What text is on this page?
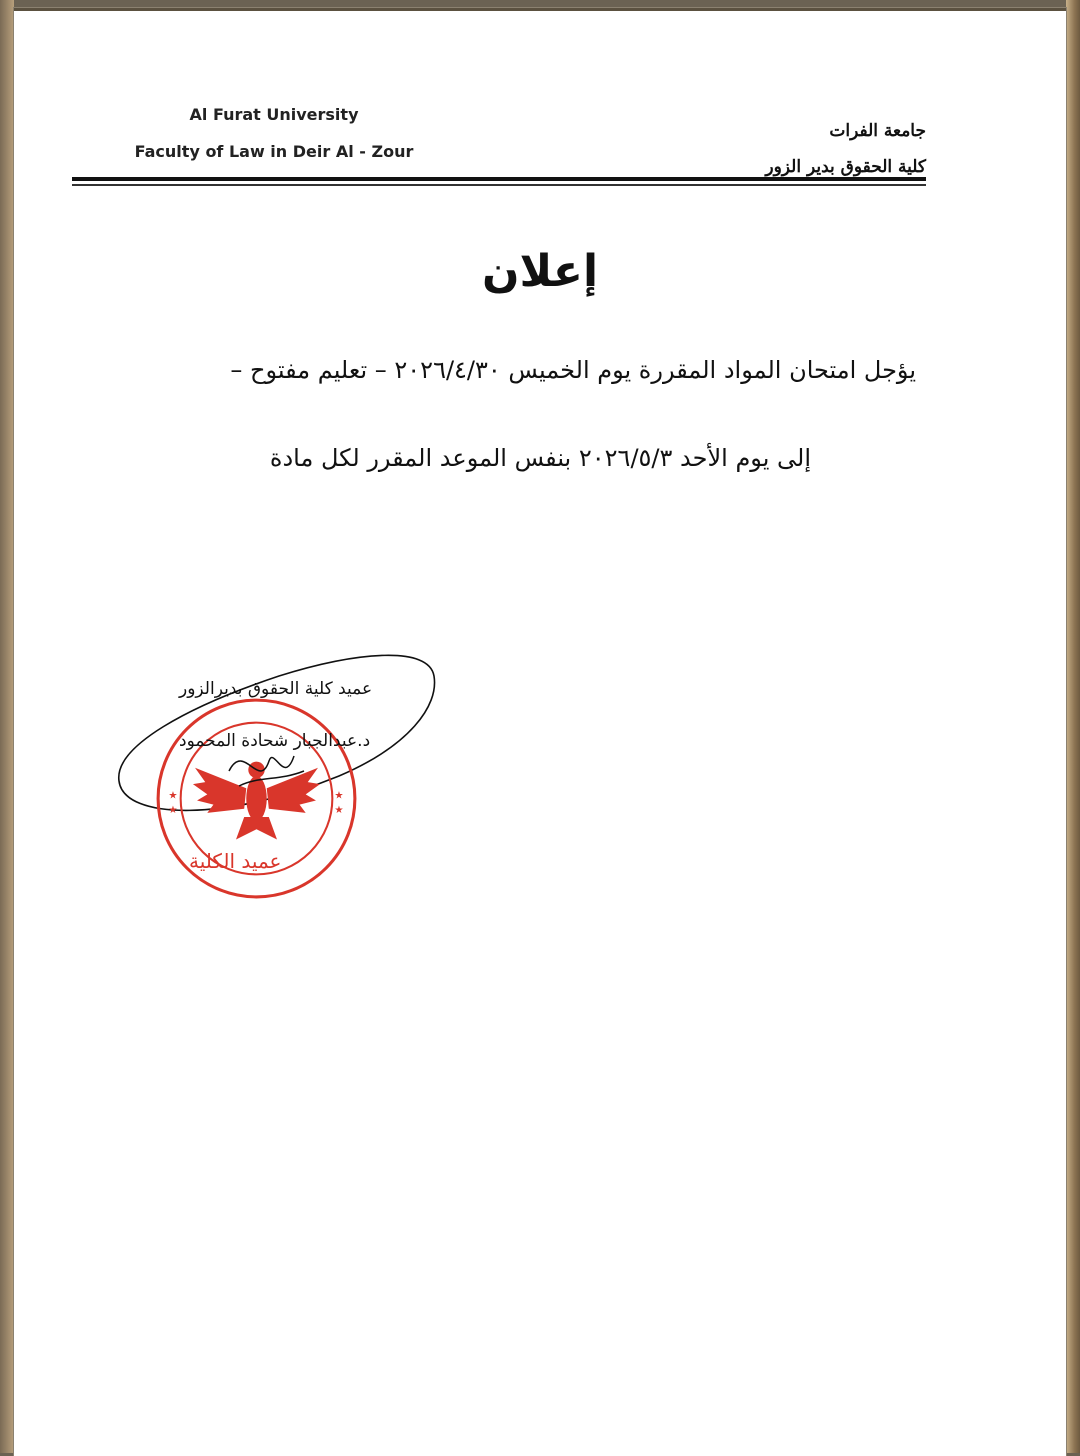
Al Furat University
Faculty of Law in Deir Al - Zour
جامعة الفرات
كلية الحقوق بدير الزور
إعلان
يؤجل امتحان المواد المقررة يوم الخميس ٢٠٢٦/٤/٣٠ – تعليم مفتوح –
إلى يوم الأحد ٢٠٢٦/٥/٣ بنفس الموعد المقرر لكل مادة
★
★
★
★
عميد الكلية
عميد كلية الحقوق بديرالزور
د.عبدالجبار شحادة المحمود
